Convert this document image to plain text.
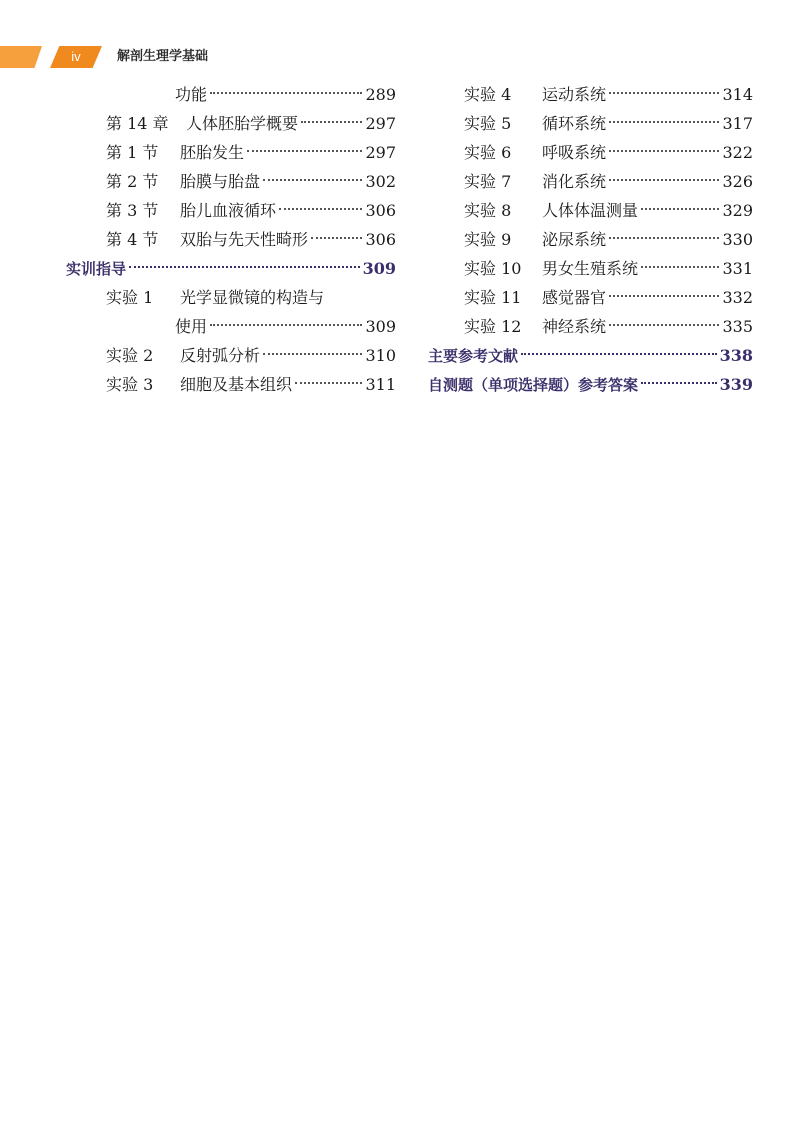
iv	解剖生理学基础
功能	289
第 14 章 人体胚胎学概要	297
第 1 节 胚胎发生	297
第 2 节 胎膜与胎盘	302
第 3 节 胎儿血液循环	306
第 4 节 双胎与先天性畸形	306
实训指导	309
实验 1 光学显微镜的构造与
使用	309
实验 2 反射弧分析	310
实验 3 细胞及基本组织	311
实验 4 运动系统	314
实验 5 循环系统	317
实验 6 呼吸系统	322
实验 7 消化系统	326
实验 8 人体体温测量	329
实验 9 泌尿系统	330
实验 10 男女生殖系统	331
实验 11 感觉器官	332
实验 12 神经系统	335
主要参考文献	338
自测题（单项选择题）参考答案	339
